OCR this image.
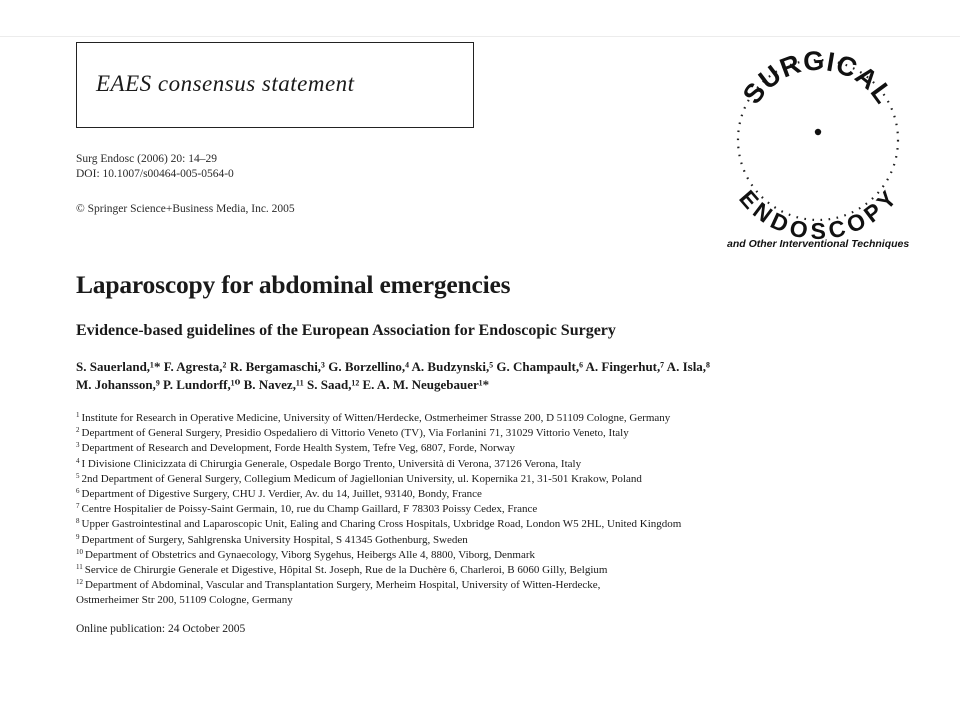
EAES consensus statement
Surg Endosc (2006) 20: 14–29
DOI: 10.1007/s00464-005-0564-0
© Springer Science+Business Media, Inc. 2005
SURGICAL
ENDOSCOPY
and Other Interventional Techniques
Laparoscopy for abdominal emergencies
Evidence-based guidelines of the European Association for Endoscopic Surgery
S. Sauerland,¹* F. Agresta,² R. Bergamaschi,³ G. Borzellino,⁴ A. Budzynski,⁵ G. Champault,⁶ A. Fingerhut,⁷ A. Isla,⁸
M. Johansson,⁹ P. Lundorff,¹⁰ B. Navez,¹¹ S. Saad,¹² E. A. M. Neugebauer¹*
$^1$ Institute for Research in Operative Medicine, University of Witten/Herdecke, Ostmerheimer Strasse 200, D 51109 Cologne, Germany
$^2$ Department of General Surgery, Presidio Ospedaliero di Vittorio Veneto (TV), Via Forlanini 71, 31029 Vittorio Veneto, Italy
$^3$ Department of Research and Development, Forde Health System, Tefre Veg, 6807, Forde, Norway
$^4$ I Divisione Clinicizzata di Chirurgia Generale, Ospedale Borgo Trento, Università di Verona, 37126 Verona, Italy
$^5$ 2nd Department of General Surgery, Collegium Medicum of Jagiellonian University, ul. Kopernika 21, 31-501 Krakow, Poland
$^6$ Department of Digestive Surgery, CHU J. Verdier, Av. du 14, Juillet, 93140, Bondy, France
$^7$ Centre Hospitalier de Poissy-Saint Germain, 10, rue du Champ Gaillard, F 78303 Poissy Cedex, France
$^8$ Upper Gastrointestinal and Laparoscopic Unit, Ealing and Charing Cross Hospitals, Uxbridge Road, London W5 2HL, United Kingdom
$^9$ Department of Surgery, Sahlgrenska University Hospital, S 41345 Gothenburg, Sweden
$^{10}$ Department of Obstetrics and Gynaecology, Viborg Sygehus, Heibergs Alle 4, 8800, Viborg, Denmark
$^{11}$ Service de Chirurgie Generale et Digestive, Hôpital St. Joseph, Rue de la Duchère 6, Charleroi, B 6060 Gilly, Belgium
$^{12}$ Department of Abdominal, Vascular and Transplantation Surgery, Merheim Hospital, University of Witten-Herdecke,
Ostmerheimer Str 200, 51109 Cologne, Germany
Online publication: 24 October 2005
